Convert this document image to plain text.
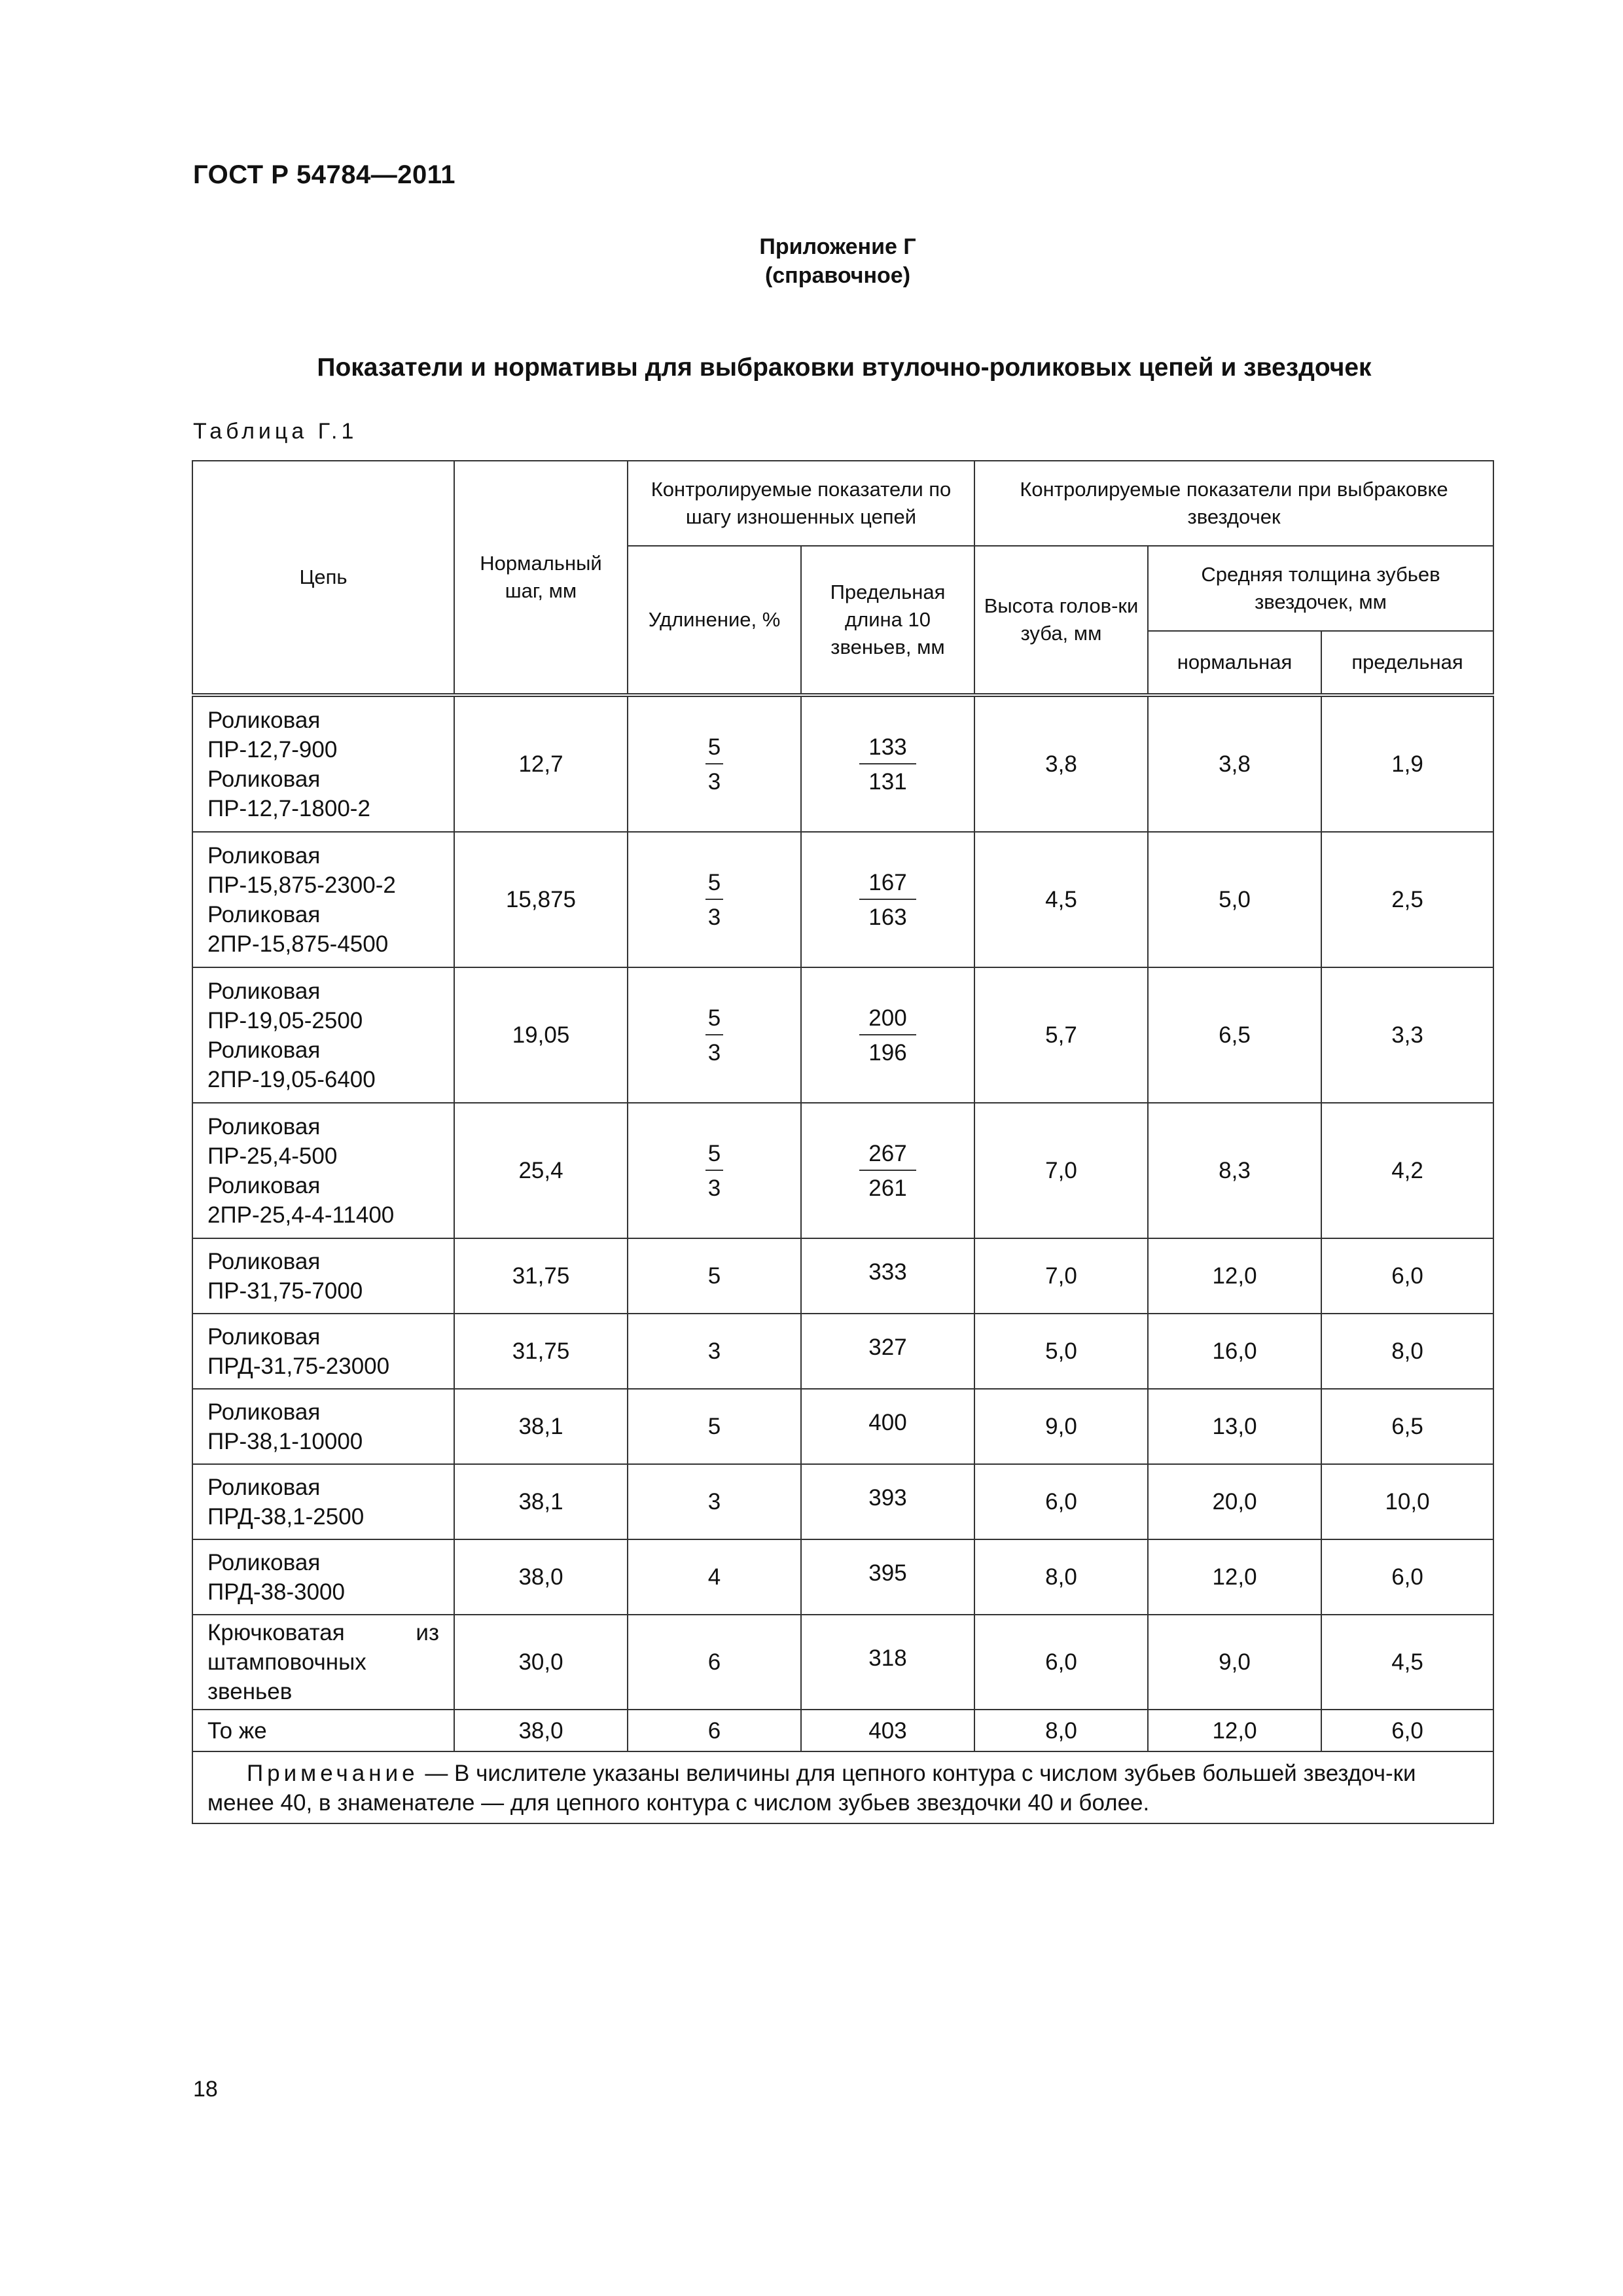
ГОСТ Р 54784—2011
Приложение Г
(справочное)
Показатели и нормативы для выбраковки втулочно-роликовых цепей и звездочек
Таблица Г.1
Цепь	Нормальный шаг, мм	Контролируемые показатели по шагу изношенных цепей		Контролируемые показатели при выбраковке звездочек		
		Удлинение, %	Предельная длина 10 звеньев, мм	Высота голов-ки зуба, мм	Средняя толщина зубьев звездочек, мм	
					нормальная	предельная
Роликовая
ПР-12,7-900
Роликовая
ПР-12,7-1800-2	12,7	$\frac{5}{3}$	$\frac{133}{131}$	3,8	3,8	1,9
Роликовая
ПР-15,875-2300-2
Роликовая
2ПР-15,875-4500	15,875	$\frac{5}{3}$	$\frac{167}{163}$	4,5	5,0	2,5
Роликовая
ПР-19,05-2500
Роликовая
2ПР-19,05-6400	19,05	$\frac{5}{3}$	$\frac{200}{196}$	5,7	6,5	3,3
Роликовая
ПР-25,4-500
Роликовая
2ПР-25,4-4-11400	25,4	$\frac{5}{3}$	$\frac{267}{261}$	7,0	8,3	4,2
Роликовая
ПР-31,75-7000	31,75	5	333	7,0	12,0	6,0
Роликовая
ПРД-31,75-23000	31,75	3	327	5,0	16,0	8,0
Роликовая
ПР-38,1-10000	38,1	5	400	9,0	13,0	6,5
Роликовая
ПРД-38,1-2500	38,1	3	393	6,0	20,0	10,0
Роликовая
ПРД-38-3000	38,0	4	395	8,0	12,0	6,0
Крючковатая из штамповочных звеньев	30,0	6	318	6,0	9,0	4,5
То же	38,0	6	403	8,0	12,0	6,0
Примечание — В числителе указаны величины для цепного контура с числом зубьев большей звездоч-ки менее 40, в знаменателе — для цепного контура с числом зубьев звездочки 40 и более.						
18
